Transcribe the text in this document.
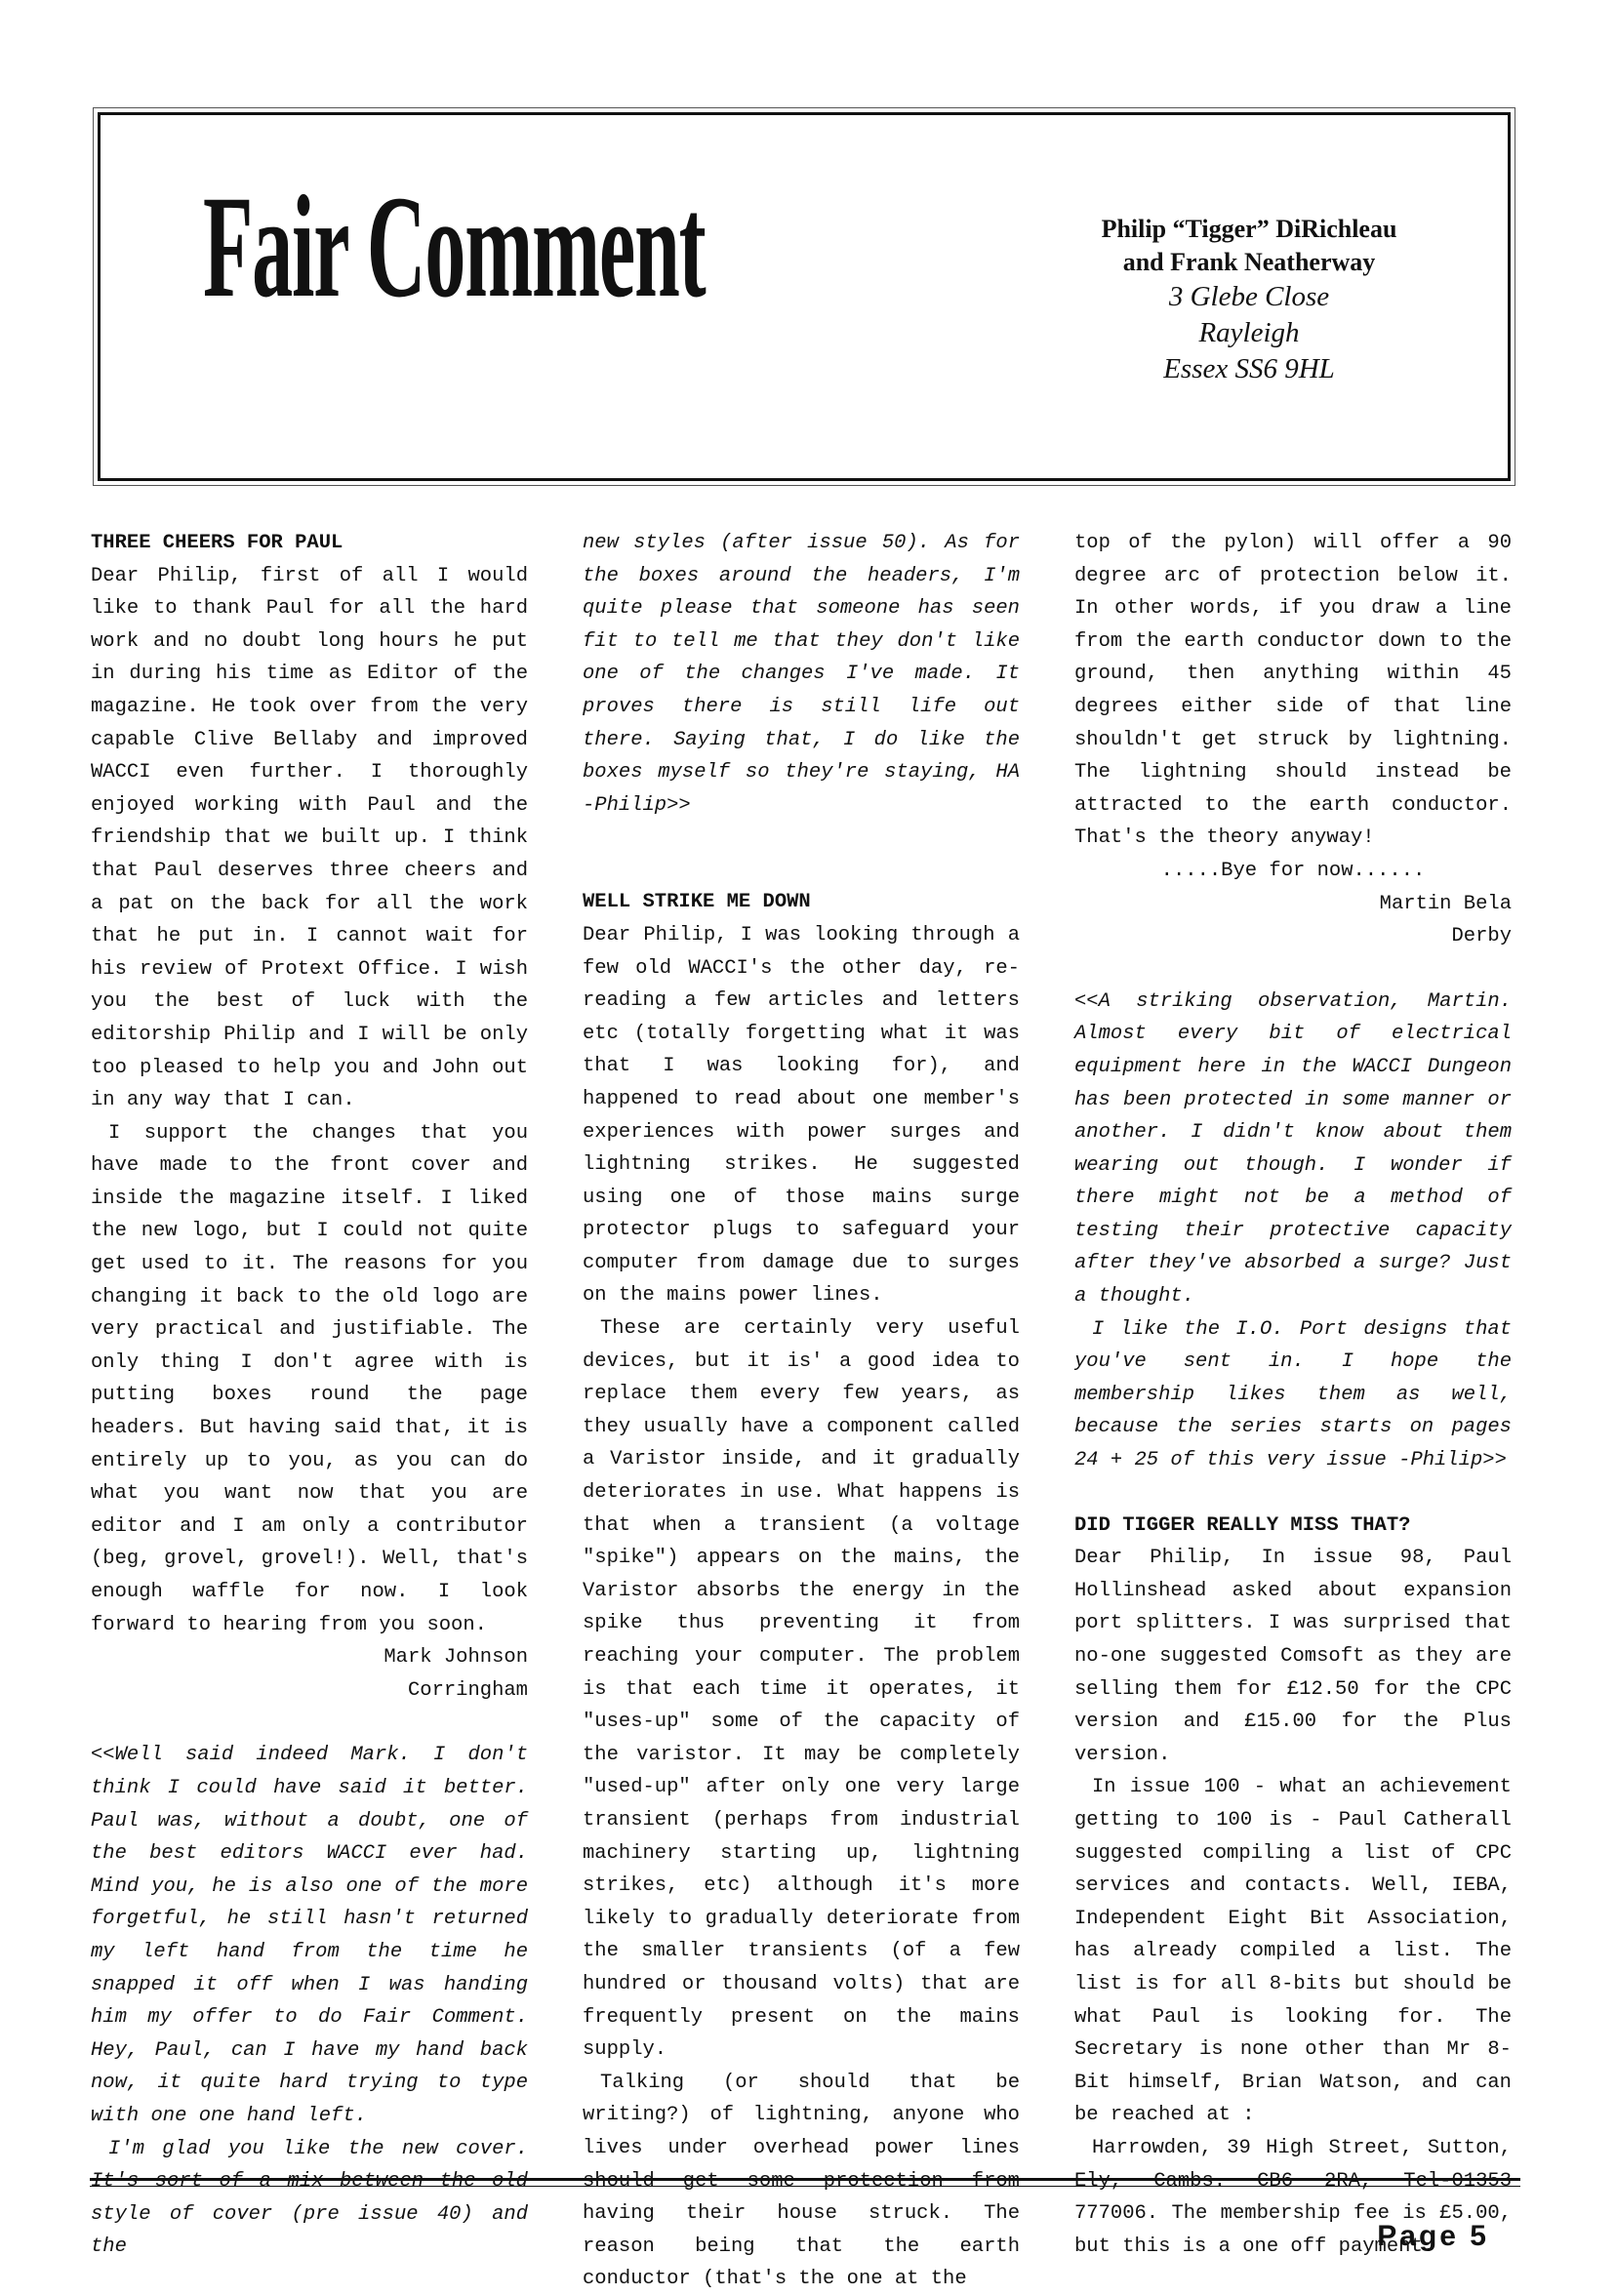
Fair Comment	Philip “Tigger” DiRichleau
and Frank Neatherway
3 Glebe Close
Rayleigh
Essex SS6 9HL

THREE CHEERS FOR PAUL

Dear Philip, first of all I would like to thank Paul for all the hard work and no doubt long hours he put in during his time as Editor of the magazine. He took over from the very capable Clive Bellaby and improved WACCI even further. I thoroughly enjoyed working with Paul and the friendship that we built up. I think that Paul deserves three cheers and a pat on the back for all the work that he put in. I cannot wait for his review of Protext Office. I wish you the best of luck with the editorship Philip and I will be only too pleased to help you and John out in any way that I can.

I support the changes that you have made to the front cover and inside the magazine itself. I liked the new logo, but I could not quite get used to it. The reasons for you changing it back to the old logo are very practical and justifiable. The only thing I don't agree with is putting boxes round the page headers. But having said that, it is entirely up to you, as you can do what you want now that you are editor and I am only a contributor (beg, grovel, grovel!). Well, that's enough waffle for now. I look forward to hearing from you soon.

Mark Johnson

Corringham

<<Well said indeed Mark. I don't think I could have said it better. Paul was, without a doubt, one of the best editors WACCI ever had. Mind you, he is also one of the more forgetful, he still hasn't returned my left hand from the time he snapped it off when I was handing him my offer to do Fair Comment. Hey, Paul, can I have my hand back now, it quite hard trying to type with one one hand left.

I'm glad you like the new cover. It's sort of a mix between the old style of cover (pre issue 40) and the

new styles (after issue 50). As for the boxes around the headers, I'm quite please that someone has seen fit to tell me that they don't like one of the changes I've made. It proves there is still life out there. Saying that, I do like the boxes myself so they're staying, HA -Philip>>

WELL STRIKE ME DOWN

Dear Philip, I was looking through a few old WACCI's the other day, re-reading a few articles and letters etc (totally forgetting what it was that I was looking for), and happened to read about one member's experiences with power surges and lightning strikes. He suggested using one of those mains surge protector plugs to safeguard your computer from damage due to surges on the mains power lines.

These are certainly very useful devices, but it is' a good idea to replace them every few years, as they usually have a component called a Varistor inside, and it gradually deteriorates in use. What happens is that when a transient (a voltage "spike") appears on the mains, the Varistor absorbs the energy in the spike thus preventing it from reaching your computer. The problem is that each time it operates, it "uses-up" some of the capacity of the varistor. It may be completely "used-up" after only one very large transient (perhaps from industrial machinery starting up, lightning strikes, etc) although it's more likely to gradually deteriorate from the smaller transients (of a few hundred or thousand volts) that are frequently present on the mains supply.

Talking (or should that be writing?) of lightning, anyone who lives under overhead power lines should get some protection from having their house struck. The reason being that the earth conductor (that's the one at the

top of the pylon) will offer a 90 degree arc of protection below it. In other words, if you draw a line from the earth conductor down to the ground, then anything within 45 degrees either side of that line shouldn't get struck by lightning. The lightning should instead be attracted to the earth conductor. That's the theory anyway!

.....Bye for now......

Martin Bela

Derby

<<A striking observation, Martin. Almost every bit of electrical equipment here in the WACCI Dungeon has been protected in some manner or another. I didn't know about them wearing out though. I wonder if there might not be a method of testing their protective capacity after they've absorbed a surge? Just a thought.

I like the I.O. Port designs that you've sent in. I hope the membership likes them as well, because the series starts on pages 24 + 25 of this very issue -Philip>>

DID TIGGER REALLY MISS THAT?

Dear Philip, In issue 98, Paul Hollinshead asked about expansion port splitters. I was surprised that no-one suggested Comsoft as they are selling them for £12.50 for the CPC version and £15.00 for the Plus version.

In issue 100 - what an achievement getting to 100 is - Paul Catherall suggested compiling a list of CPC services and contacts. Well, IEBA, Independent Eight Bit Association, has already compiled a list. The list is for all 8-bits but should be what Paul is looking for. The Secretary is none other than Mr 8-Bit himself, Brian Watson, and can be reached at :

Harrowden, 39 High Street, Sutton, Ely, Cambs. CB6 2RA, Tel-01353 777006. The membership fee is £5.00, but this is a one off payment.

Page 5
